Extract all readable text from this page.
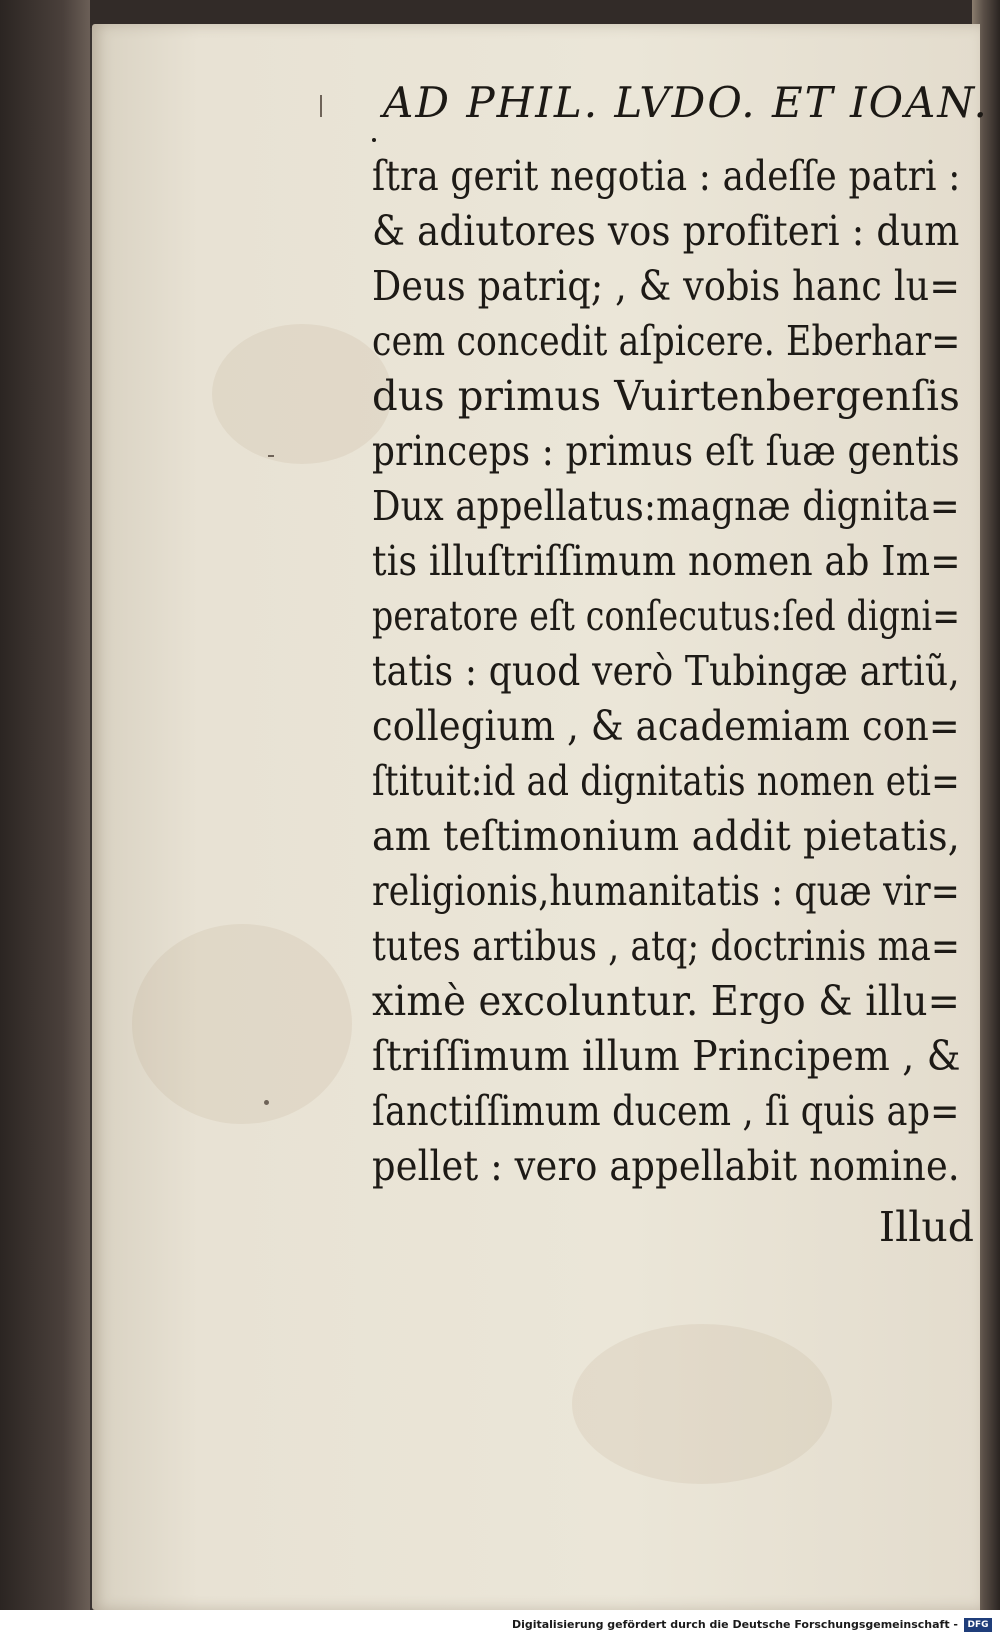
AD PHIL. LVDO. ET IOAN.
ſtra gerit negotia : adeſſe patri :
& adiutores vos profiteri : dum
Deus patriq; , & vobis hanc lu=
cem concedit aſpicere. Eberhar=
dus primus Vuirtenbergenſis
princeps : primus eſt ſuæ gentis
Dux appellatus:magnæ dignita=
tis illuſtriſſimum nomen ab Im=
peratore eſt conſecutus:ſed digni=
tatis : quod verò Tubingæ artiũ,
collegium , & academiam con=
ſtituit:id ad dignitatis nomen eti=
am teſtimonium addit pietatis,
religionis,humanitatis : quæ vir=
tutes artibus , atq; doctrinis ma=
ximè excoluntur. Ergo & illu=
ſtriſſimum illum Principem , &
ſanctiſſimum ducem , ſi quis ap=
pellet : vero appellabit nomine.
Illud
Digitalisierung gefördert durch die Deutsche Forschungsgemeinschaft -	DFG
